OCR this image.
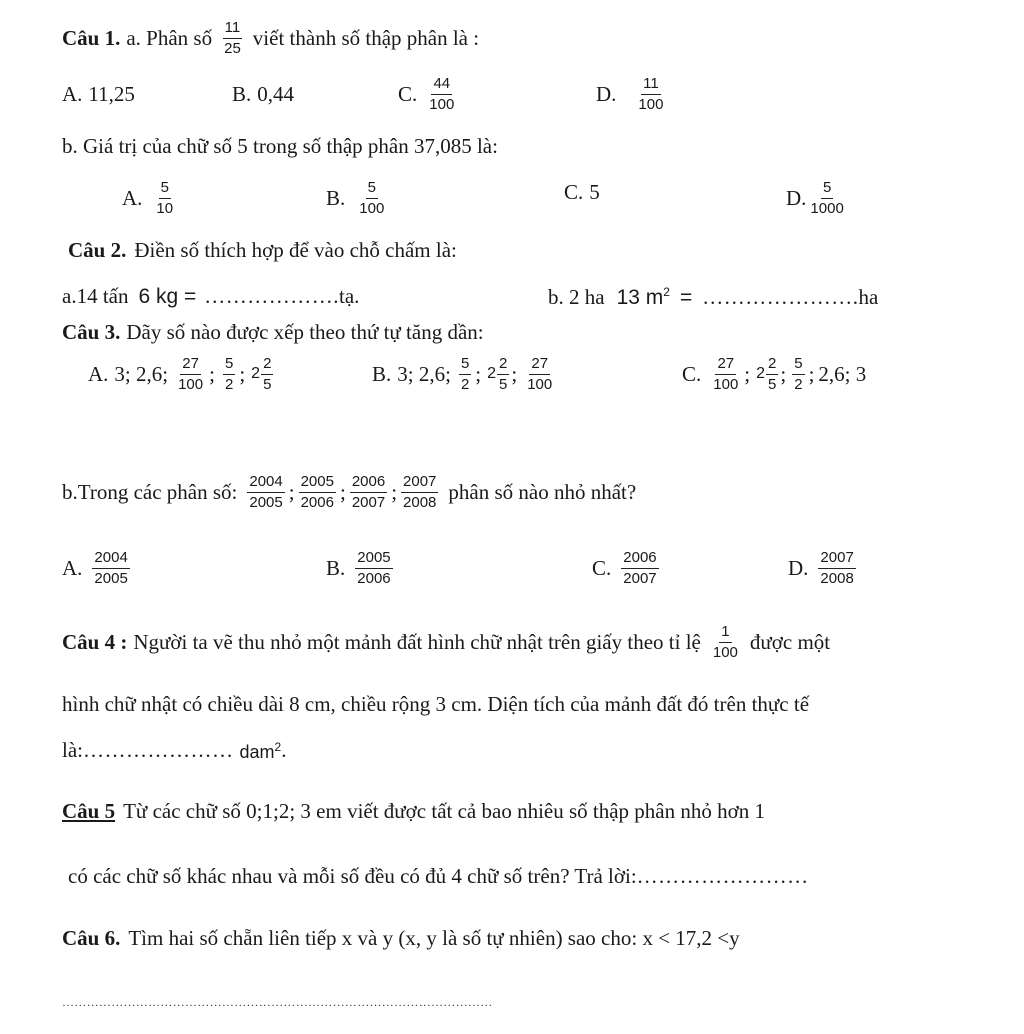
Câu 1. a. Phân số $\frac{11}{25}$ viết thành số thập phân là :
A. 11,25	B. 0,44	C. $\frac{44}{100}$	D. $\frac{11}{100}$
b. Giá trị của chữ số 5 trong số thập phân 37,085 là:
A. $\frac{5}{10}$	B. $\frac{5}{100}$	C. 5	D. $\frac{5}{1000}$
Câu 2. Điền số thích hợp để vào chỗ chấm là:
a.14 tấn 6 kg = ………………. tạ.	b. 2 ha 13 $m^2$ = …………………. ha
Câu 3. Dãy số nào được xếp theo thứ tự tăng dần:
A. 3; 2,6; $\frac{27}{100}$ ; $\frac{5}{2}$ ; $2 \frac{2}{5}$	B. 3; 2,6; $\frac{5}{2}$ ; $2 \frac{2}{5}$ ; $\frac{27}{100}$	C. $\frac{27}{100}$ ; $2 \frac{2}{5}$ ; $\frac{5}{2}$ ; 2,6; 3
b.Trong các phân số: $\frac{2004}{2005}$ ; $\frac{2005}{2006}$ ; $\frac{2006}{2007}$ ; $\frac{2007}{2008}$ phân số nào nhỏ nhất?
A. $\frac{2004}{2005}$	B. $\frac{2005}{2006}$	C. $\frac{2006}{2007}$	D. $\frac{2007}{2008}$
Câu 4 : Người ta vẽ thu nhỏ một mảnh đất hình chữ nhật trên giấy theo tỉ lệ $\frac{1}{100}$ được một
hình chữ nhật có chiều dài 8 cm, chiều rộng 3 cm. Diện tích của mảnh đất đó trên thực tế
là: ………………… dam$^2$ .
Câu 5 Từ các chữ số 0;1;2; 3 em viết được tất cả bao nhiêu số thập phân nhỏ hơn 1
có các chữ số khác nhau và mỗi số đều có đủ 4 chữ số trên? Trả lời: ……………………
Câu 6. Tìm hai số chẵn liên tiếp x và y (x, y là số tự nhiên) sao cho: x < 17,2 <y
……………………………………………………………………………………………
